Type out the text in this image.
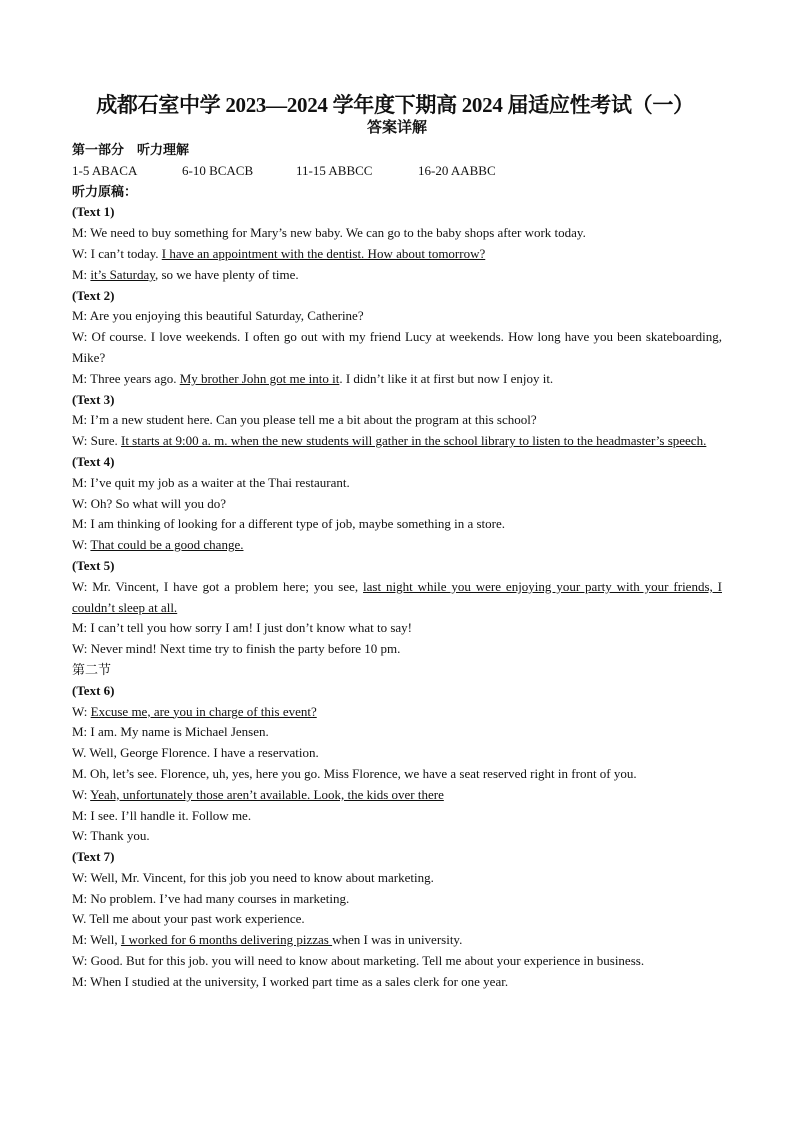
成都石室中学 2023—2024 学年度下期高 2024 届适应性考试（一）
答案详解
第一部分　听力理解
1-5 ABACA	6-10 BCACB	11-15 ABBCC	16-20 AABBC
听力原稿：
(Text 1)
M: We need to buy something for Mary’s new baby. We can go to the baby shops after work today.
W: I can’t today. I have an appointment with the dentist. How about tomorrow?
M: it’s Saturday, so we have plenty of time.
(Text 2)
M: Are you enjoying this beautiful Saturday, Catherine?
W: Of course. I love weekends. I often go out with my friend Lucy at weekends. How long have you been skateboarding, Mike?
M: Three years ago. My brother John got me into it. I didn’t like it at first but now I enjoy it.
(Text 3)
M: I’m a new student here. Can you please tell me a bit about the program at this school?
W: Sure. It starts at 9:00 a. m. when the new students will gather in the school library to listen to the headmaster’s speech.
(Text 4)
M: I’ve quit my job as a waiter at the Thai restaurant.
W: Oh? So what will you do?
M: I am thinking of looking for a different type of job, maybe something in a store.
W: That could be a good change.
(Text 5)
W: Mr. Vincent, I have got a problem here; you see, last night while you were enjoying your party with your friends, I couldn’t sleep at all.
M: I can’t tell you how sorry I am! I just don’t know what to say!
W: Never mind! Next time try to finish the party before 10 pm.
第二节
(Text 6)
W: Excuse me, are you in charge of this event?
M: I am. My name is Michael Jensen.
W. Well, George Florence. I have a reservation.
M. Oh, let’s see. Florence, uh, yes, here you go. Miss Florence, we have a seat reserved right in front of you.
W: Yeah, unfortunately those aren’t available. Look, the kids over there
M: I see. I’ll handle it. Follow me.
W: Thank you.
(Text 7)
W: Well, Mr. Vincent, for this job you need to know about marketing.
M: No problem. I’ve had many courses in marketing.
W. Tell me about your past work experience.
M: Well, I worked for 6 months delivering pizzas when I was in university.
W: Good. But for this job. you will need to know about marketing. Tell me about your experience in business.
M: When I studied at the university, I worked part time as a sales clerk for one year.
